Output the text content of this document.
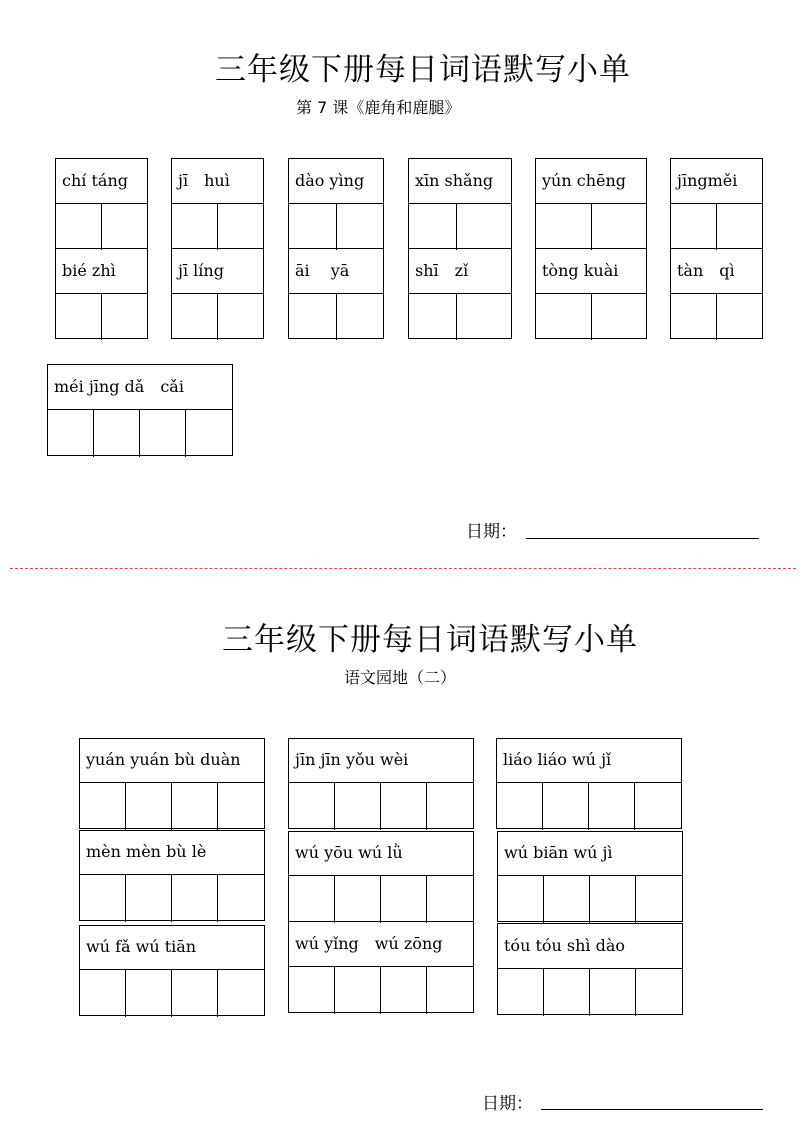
三年级下册每日词语默写小单
第 7 课《鹿角和鹿腿》
chí táng	jī　huì	dào yìng	xīn shǎng	yún chēng	jīngměi
bié zhì	jī líng	āi　 yā	shī　zǐ	tòng kuài	tàn　qì
méi jīng dǎ　cǎi
日期：
三年级下册每日词语默写小单
语文园地（二）
yuán yuán bù duàn	jīn jīn yǒu wèi	liáo liáo wú jǐ
mèn mèn bù lè	wú yōu wú lǜ	wú biān wú jì
wú fǎ wú tiān	wú yǐng　wú zōng	tóu tóu shì dào
日期：
